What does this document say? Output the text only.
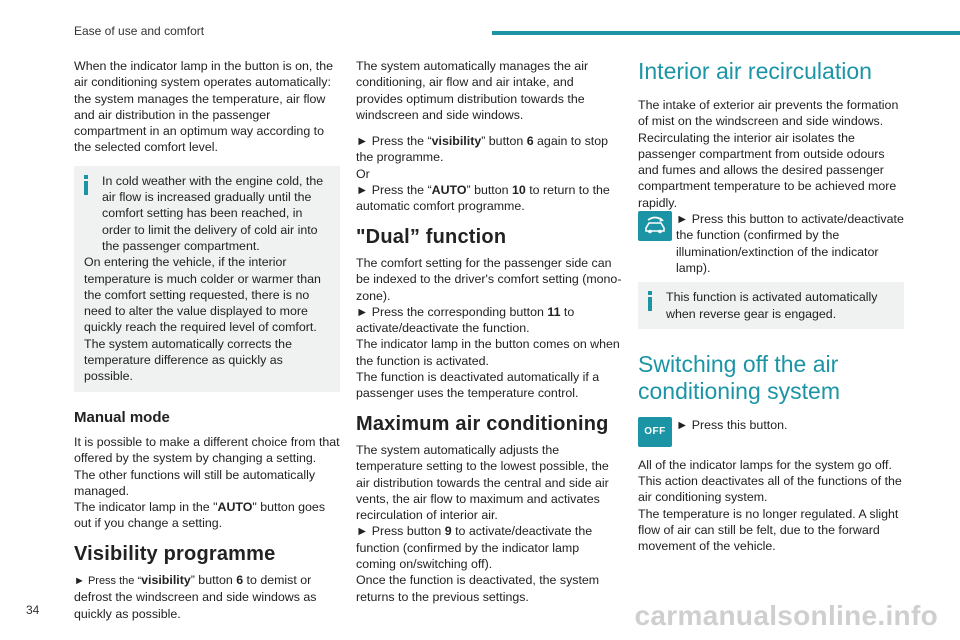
Ease of use and comfort

When the indicator lamp in the button is on, the air conditioning system operates automatically: the system manages the temperature, air flow and air distribution in the passenger compartment in an optimum way according to the selected comfort level.

In cold weather with the engine cold, the air flow is increased gradually until the comfort setting has been reached, in order to limit the delivery of cold air into the passenger compartment.
On entering the vehicle, if the interior temperature is much colder or warmer than the comfort setting requested, there is no need to alter the value displayed to more quickly reach the required level of comfort.
The system automatically corrects the temperature difference as quickly as possible.
Manual mode
It is possible to make a different choice from that offered by the system by changing a setting.
The other functions will still be automatically managed.
The indicator lamp in the "AUTO" button goes out if you change a setting.
Visibility programme

► Press the “visibility” button 6 to demist or defrost the windscreen and side windows as quickly as possible.

The system automatically manages the air conditioning, air flow and air intake, and provides optimum distribution towards the windscreen and side windows.

► Press the “visibility” button 6 again to stop the programme.
Or

► Press the “AUTO” button 10 to return to the automatic comfort programme.

"Dual” function
The comfort setting for the passenger side can be indexed to the driver's comfort setting (mono-zone).
► Press the corresponding button 11 to activate/deactivate the function.
The indicator lamp in the button comes on when the function is activated.

The function is deactivated automatically if a passenger uses the temperature control.

Maximum air conditioning
The system automatically adjusts the temperature setting to the lowest possible, the air distribution towards the central and side air vents, the air flow to maximum and activates recirculation of interior air.
► Press button 9 to activate/deactivate the function (confirmed by the indicator lamp coming on/switching off).
Once the function is deactivated, the system returns to the previous settings.
Interior air recirculation
The intake of exterior air prevents the formation of mist on the windscreen and side windows.
Recirculating the interior air isolates the passenger compartment from outside odours and fumes and allows the desired passenger compartment temperature to be achieved more rapidly.
► Press this button to activate/deactivate the function (confirmed by the illumination/extinction of the indicator lamp).
This function is activated automatically when reverse gear is engaged.
Switching off the air conditioning system
OFF ► Press this button.
All of the indicator lamps for the system go off.
This action deactivates all of the functions of the air conditioning system.
The temperature is no longer regulated. A slight flow of air can still be felt, due to the forward movement of the vehicle.
34	carmanualsonline.info
